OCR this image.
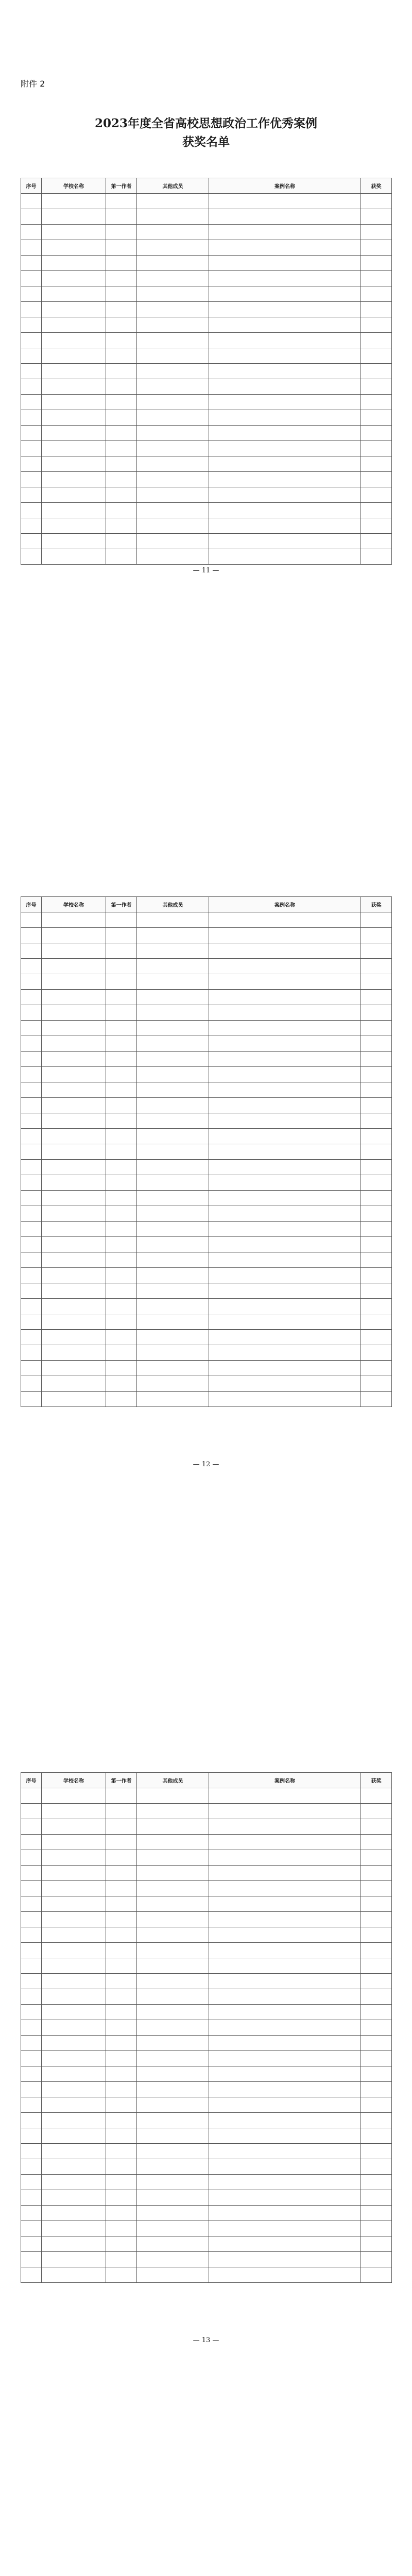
附件 2
2023年度全省高校思想政治工作优秀案例
获奖名单
序号	学校名称	第一作者	其他成员	案例名称	获奖

— 11 —
序号	学校名称	第一作者	其他成员	案例名称	获奖

— 12 —
序号	学校名称	第一作者	其他成员	案例名称	获奖

— 13 —
